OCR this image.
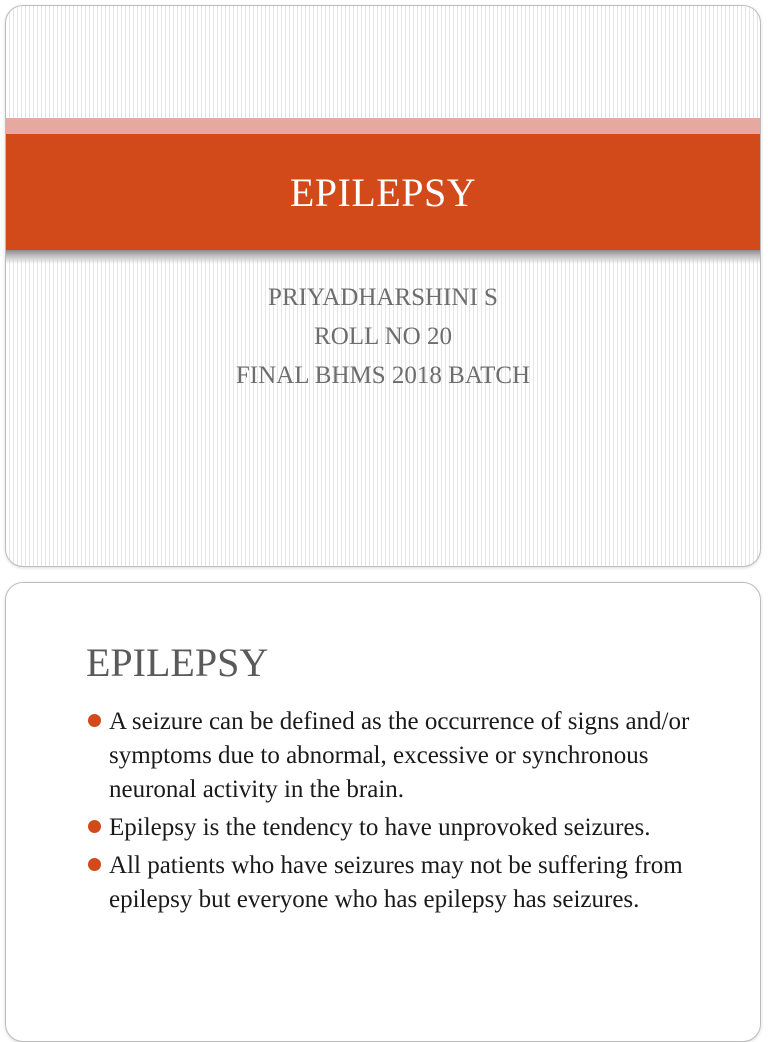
EPILEPSY
PRIYADHARSHINI S
ROLL NO 20
FINAL BHMS 2018 BATCH
EPILEPSY
A seizure can be defined as the occurrence of signs and/or symptoms due to abnormal, excessive or synchronous neuronal activity in the brain.
Epilepsy is the tendency to have unprovoked seizures.
All patients who have seizures may not be suffering from epilepsy but everyone who has epilepsy has seizures.
